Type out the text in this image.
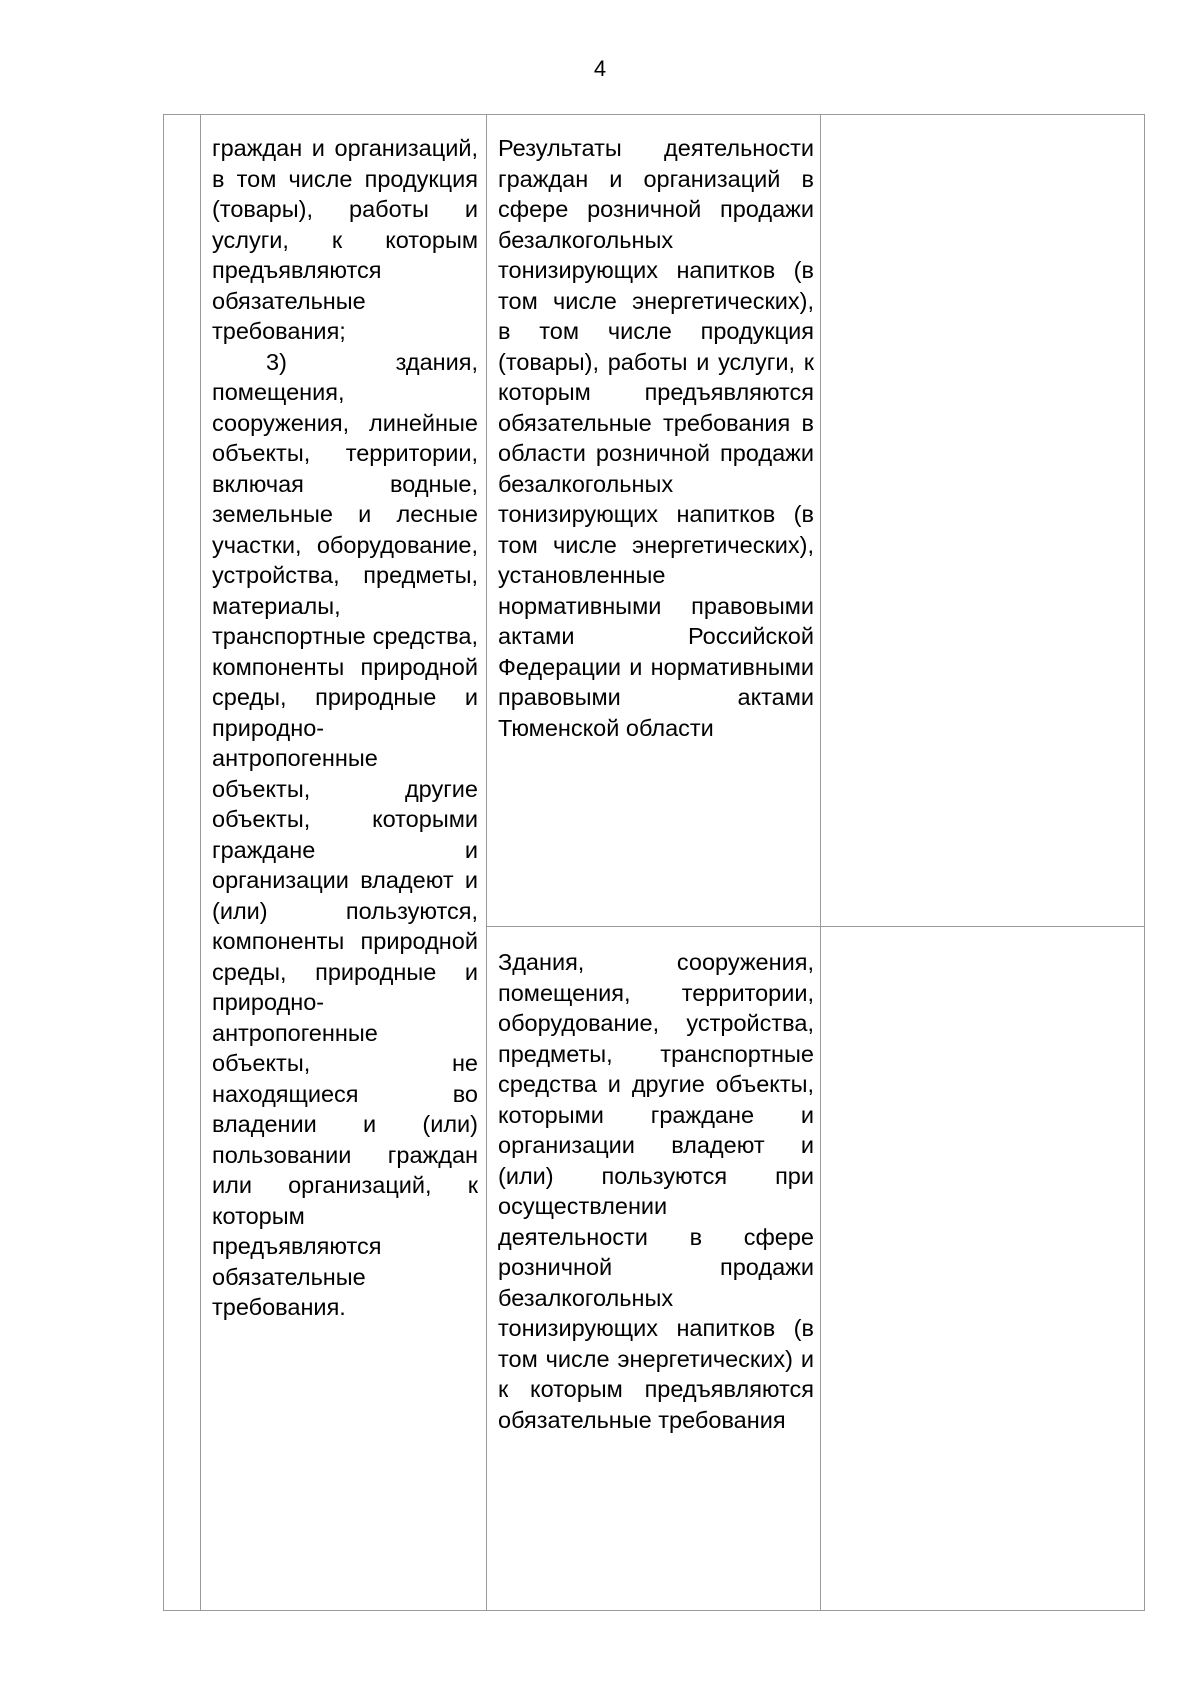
4

граждан и организаций, в том числе продукция (товары), работы и услуги, к которым предъявляются обязательные требования;

3) здания, помещения, сооружения, линейные объекты, территории, включая водные, земельные и лесные участки, оборудование, устройства, предметы, материалы, транспортные средства, компоненты природной среды, природные и природно-антропогенные объекты, другие объекты, которыми граждане и организации владеют и (или) пользуются, компоненты природной среды, природные и природно-антропогенные объекты, не находящиеся во владении и (или) пользовании граждан или организаций, к которым предъявляются обязательные требования.

Результаты деятельности граждан и организаций в сфере розничной продажи безалкогольных тонизирующих напитков (в том числе энергетических), в том числе продукция (товары), работы и услуги, к которым предъявляются обязательные требования в области розничной продажи безалкогольных тонизирующих напитков (в том числе энергетических), установленные нормативными правовыми актами Российской Федерации и нормативными правовыми актами Тюменской области

Здания, сооружения, помещения, территории, оборудование, устройства, предметы, транспортные средства и другие объекты, которыми граждане и организации владеют и (или) пользуются при осуществлении деятельности в сфере розничной продажи безалкогольных тонизирующих напитков (в том числе энергетических) и к которым предъявляются обязательные требования
